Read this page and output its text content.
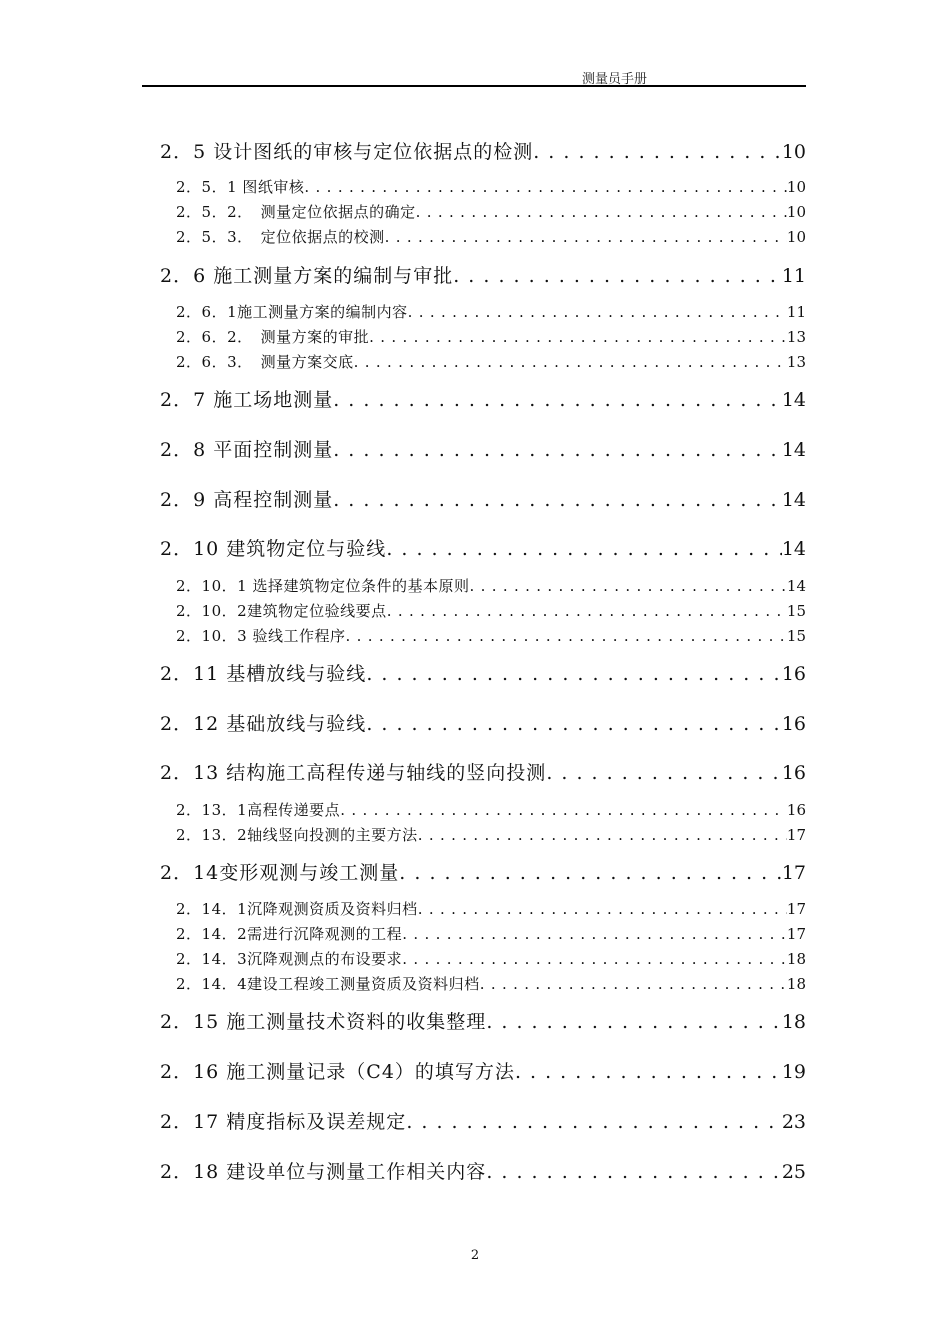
测量员手册
2．5 设计图纸的审核与定位依据点的检测 . . .	10
2．5．1 图纸审核 . . .	10
2．5．2．　测量定位依据点的确定 . . .	10
2．5．3．　定位依据点的校测 . . .	10
2．6 施工测量方案的编制与审批 . . .	11
2．6．1施工测量方案的编制内容 . . .	11
2．6．2．　测量方案的审批 . . .	13
2．6．3．　测量方案交底 . . .	13
2．7 施工场地测量 . . .	14
2．8 平面控制测量 . . .	14
2．9 高程控制测量 . . .	14
2．10 建筑物定位与验线 . . .	14
2．10．1 选择建筑物定位条件的基本原则 . . .	14
2．10．2建筑物定位验线要点 . . .	15
2．10．3 验线工作程序 . . .	15
2．11 基槽放线与验线 . . .	16
2．12 基础放线与验线 . . .	16
2．13 结构施工高程传递与轴线的竖向投测 . . .	16
2．13．1高程传递要点 . . .	16
2．13．2轴线竖向投测的主要方法 . . .	17
2．14变形观测与竣工测量 . . .	17
2．14．1沉降观测资质及资料归档 . . .	17
2．14．2需进行沉降观测的工程 . . .	17
2．14．3沉降观测点的布设要求 . . .	18
2．14．4建设工程竣工测量资质及资料归档 . . .	18
2．15 施工测量技术资料的收集整理 . . .	18
2．16 施工测量记录（C4）的填写方法 . . .	19
2．17 精度指标及误差规定 . . .	23
2．18 建设单位与测量工作相关内容 . . .	25
2
